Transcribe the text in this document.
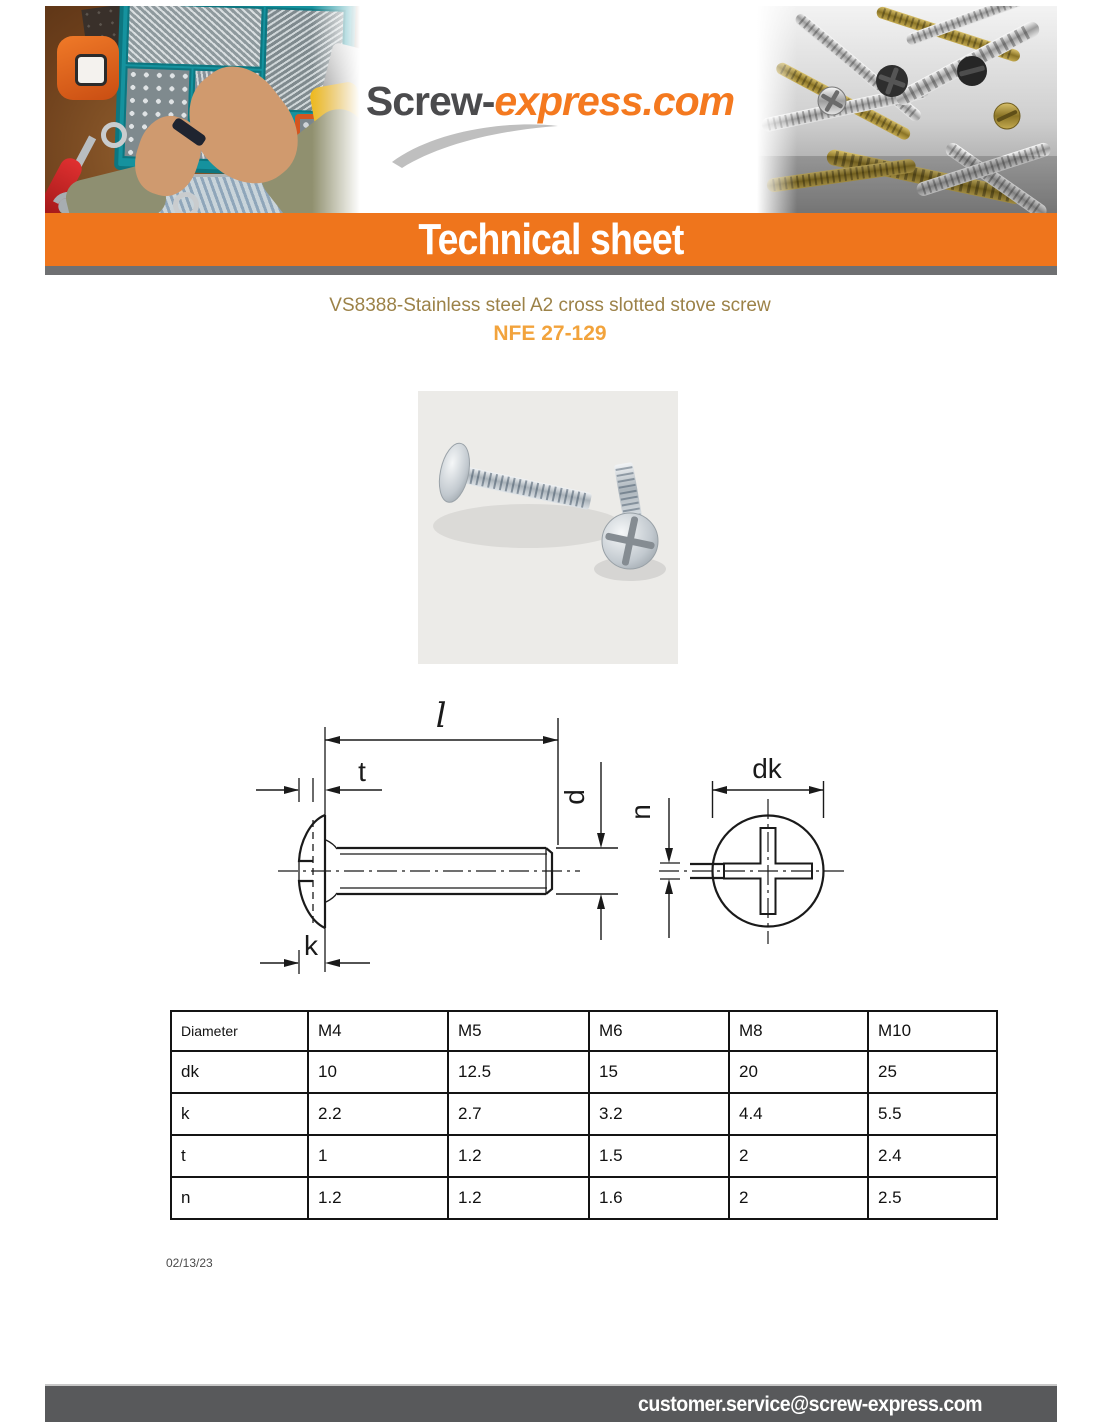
Screw-express.com
Technical sheet
VS8388-Stainless steel A2 cross slotted stove screw
NFE 27-129
l
t
k
d
n
dk
Diameter	M4	M5	M6	M8	M10
dk	10	12.5	15	20	25
k	2.2	2.7	3.2	4.4	5.5
t	1	1.2	1.5	2	2.4
n	1.2	1.2	1.6	2	2.5
02/13/23
customer.service@screw-express.com
